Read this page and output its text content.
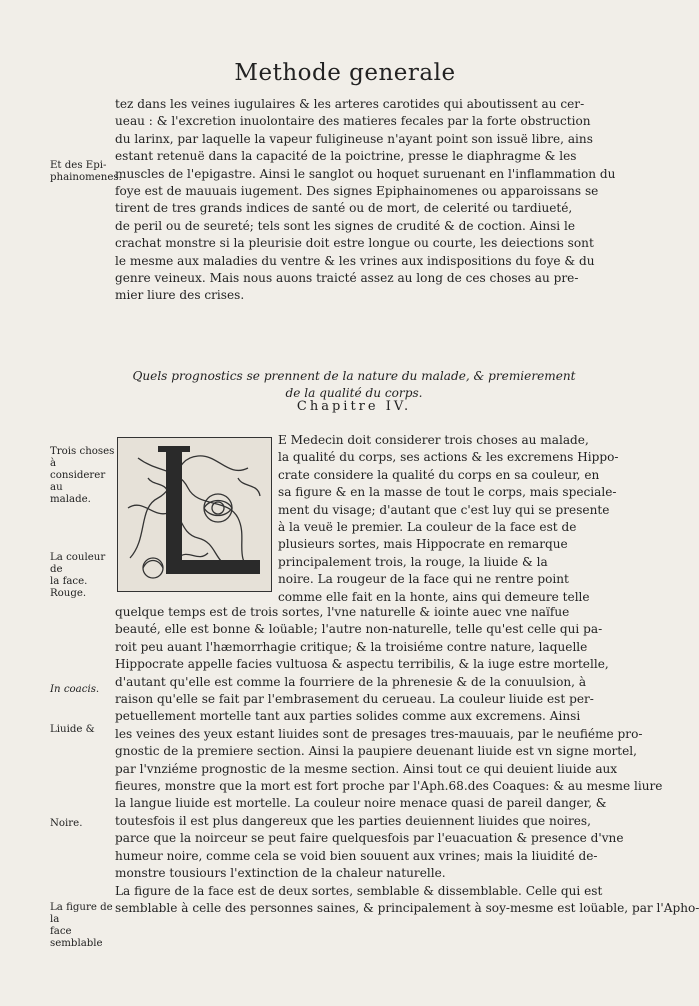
Methode generale
tez dans les veines iugulaires & les arteres carotides qui aboutissent au cer-
ueau : & l'excretion inuolontaire des matieres fecales par la forte obstruction
du larinx, par laquelle la vapeur fuligineuse n'ayant point son issuë libre, ains
estant retenuë dans la capacité de la poictrine, presse le diaphragme & les
muscles de l'epigastre. Ainsi le sanglot ou hoquet suruenant en l'inflammation du
foye est de mauuais iugement. Des signes Epiphainomenes ou apparoissans se
tirent de tres grands indices de santé ou de mort, de celerité ou tardiueté,
de peril ou de seureté; tels sont les signes de crudité & de coction. Ainsi le
crachat monstre si la pleurisie doit estre longue ou courte, les deiections sont
le mesme aux maladies du ventre & les vrines aux indispositions du foye & du
genre veineux. Mais nous auons traicté assez au long de ces choses au pre-
mier liure des crises.
Quels prognostics se prennent de la nature du malade, & premierement
de la qualité du corps.
Chapitre IV.
E Medecin doit considerer trois choses au malade,
la qualité du corps, ses actions & les excremens Hippo-
crate considere la qualité du corps en sa couleur, en
sa figure & en la masse de tout le corps, mais speciale-
ment du visage; d'autant que c'est luy qui se presente
à la veuë le premier. La couleur de la face est de
plusieurs sortes, mais Hippocrate en remarque
principalement trois, la rouge, la liuide & la
noire. La rougeur de la face qui ne rentre point
comme elle fait en la honte, ains qui demeure telle
quelque temps est de trois sortes, l'vne naturelle & iointe auec vne naïfue
beauté, elle est bonne & loüable; l'autre non-naturelle, telle qu'est celle qui pa-
roit peu auant l'hæmorrhagie critique; & la troisiéme contre nature, laquelle
Hippocrate appelle facies vultuosa & aspectu terribilis, & la iuge estre mortelle,
d'autant qu'elle est comme la fourriere de la phrenesie & de la conuulsion, à
raison qu'elle se fait par l'embrasement du cerueau. La couleur liuide est per-
petuellement mortelle tant aux parties solides comme aux excremens. Ainsi
les veines des yeux estant liuides sont de presages tres-mauuais, par le neufiéme pro-
gnostic de la premiere section. Ainsi la paupiere deuenant liuide est vn signe mortel,
par l'vnziéme prognostic de la mesme section. Ainsi tout ce qui deuient liuide aux
fieures, monstre que la mort est fort proche par l'Aph.68.des Coaques: & au mesme liure
la langue liuide est mortelle. La couleur noire menace quasi de pareil danger, &
toutesfois il est plus dangereux que les parties deuiennent liuides que noires,
parce que la noirceur se peut faire quelquesfois par l'euacuation & presence d'vne
humeur noire, comme cela se void bien souuent aux vrines; mais la liuidité de-
monstre tousiours l'extinction de la chaleur naturelle.
La figure de la face est de deux sortes, semblable & dissemblable. Celle qui est
semblable à celle des personnes saines, & principalement à soy-mesme est loüable, par l'Apho-
Et des Epi-
phainomenes.
Trois choses à
considerer au
malade.
La couleur de
la face.
Rouge.
In coacis.
Liuide &
Noire.
La figure de la
face semblable
